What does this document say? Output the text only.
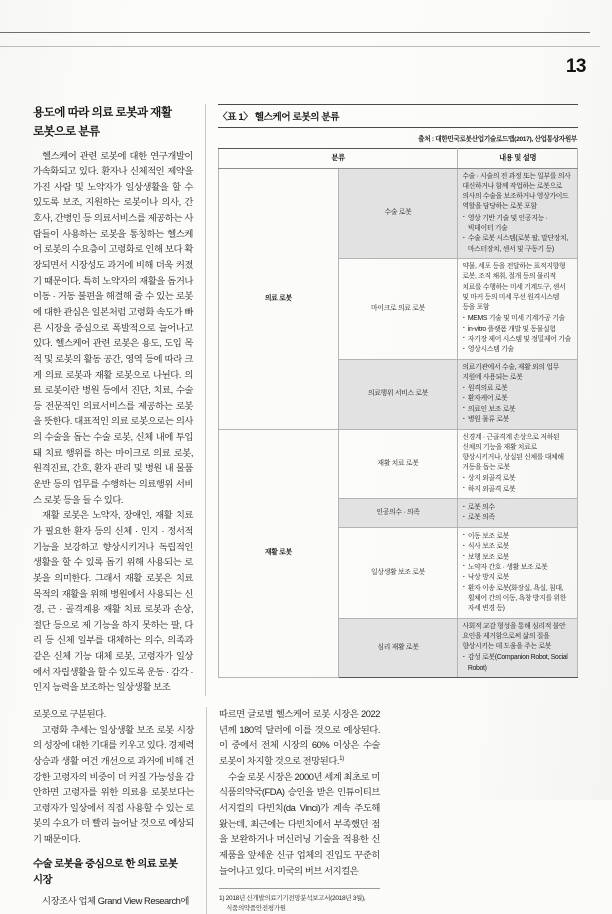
13
용도에 따라 의료 로봇과 재활 로봇으로 분류

헬스케어 관련 로봇에 대한 연구개발이 가속화되고 있다. 환자나 신체적인 제약을 가진 사람 및 노약자가 일상생활을 할 수 있도록 보조, 지원하는 로봇이나 의사, 간호사, 간병인 등 의료서비스를 제공하는 사람들이 사용하는 로봇을 통칭하는 헬스케어 로봇의 수요층이 고령화로 인해 보다 확장되면서 시장성도 과거에 비해 더욱 커졌기 때문이다. 특히 노약자의 재활을 돕거나 이동 · 거동 불편을 해결해 줄 수 있는 로봇에 대한 관심은 일본처럼 고령화 속도가 빠른 시장을 중심으로 폭발적으로 늘어나고 있다. 헬스케어 관련 로봇은 용도, 도입 목적 및 로봇의 활동 공간, 영역 등에 따라 크게 의료 로봇과 재활 로봇으로 나뉜다. 의료 로봇이란 병원 등에서 진단, 치료, 수술 등 전문적인 의료서비스를 제공하는 로봇을 뜻한다. 대표적인 의료 로봇으로는 의사의 수술을 돕는 수술 로봇, 신체 내에 투입돼 치료 행위를 하는 마이크로 의료 로봇, 원격진료, 간호, 환자 관리 및 병원 내 물품 운반 등의 업무를 수행하는 의료행위 서비스 로봇 등을 들 수 있다.

재활 로봇은 노약자, 장애인, 재활 치료가 필요한 환자 등의 신체 · 인지 · 정서적 기능을 보강하고 향상시키거나 독립적인 생활을 할 수 있록 돕기 위해 사용되는 로봇을 의미한다. 그래서 재활 로봇은 치료 목적의 재활을 위해 병원에서 사용되는 신경, 근 · 골격계용 재활 치료 로봇과 손상, 절단 등으로 제 기능을 하지 못하는 팔, 다리 등 신체 일부를 대체하는 의수, 의족과 같은 신체 기능 대체 로봇, 고령자가 일상에서 자립생활을 할 수 있도록 운동 · 감각 · 인지 능력을 보조하는 일상생활 보조

〈표 1〉 헬스케어 로봇의 분류
출처 : 대한민국로봇산업기술로드맵(2017), 산업통상자원부
분류		내용 및 설명
의료 로봇	수술 로봇	
수술 · 시술의 전 과정 또는 일부를 의사 대신하거나 함께 작업하는 로봇으로 의사의 수술을 보조하거나 영상가이드 역할을 담당하는 로봇 포함
· 영상 기반 기술 및 인공지능 · 빅데이터 기술
· 수술 로봇 시스템(로봇 팔, 말단장치, 마스터장치, 센서 및 구동기 등)

마이크로 의료 로봇	
약물, 세포 등을 전달하는 표적지향형 로봇, 조직 채취, 절개 등의 물리적 치료를 수행하는 미세 기계도구, 센서 및 마커 등의 미세 무선 원격시스템 등을 포함
· MEMS 기술 및 미세 기계가공 기술
· in-vitro 플랫폼 개발 및 동물실험
· 자기장 제어 시스템 및 정밀제어 기술
· 영상시스템 기술

의료행위 서비스 로봇	
의료기관에서 수술, 재활 외의 업무 지원에 사용되는 로봇
· 원격의료 로봇
· 환자케어 로봇
· 의료인 보조 로봇
· 병원 물류 로봇

재활 로봇	재활 치료 로봇	
신경계 · 근골격계 손상으로 저하된 신체의 기능을 재활 치료로 향상시키거나, 상실된 신체를 대체해 거동을 돕는 로봇
· 상지 외골격 로봇
· 하지 외골격 로봇

인공의수 · 의족	
· 로봇 의수
· 로봇 의족

일상생활 보조 로봇	
· 이동 보조 로봇
· 식사 보조 로봇
· 보행 보조 로봇
· 노약자 간호 · 생활 보조 로봇
· 낙상 방지 로봇
· 환자 이송 로봇(화장실, 욕실, 침대, 휠체어 간의 이동, 욕창 방지를 위한 자세 변경 등)

심리 재활 로봇	
사회적 교감 형성을 통해 심리적 불안 요인을 제거함으로써 삶의 질을 향상시키는 데 도움을 주는 로봇
· 감성 로봇(Companion Robot, Social Robot)

로봇으로 구분된다.

고령화 추세는 일상생활 보조 로봇 시장의 성장에 대한 기대를 키우고 있다. 경제력 상승과 생활 여건 개선으로 과거에 비해 건강한 고령자의 비중이 더 커질 가능성을 감안하면 고령자를 위한 의료용 로봇보다는 고령자가 일상에서 직접 사용할 수 있는 로봇의 수요가 더 빨리 늘어날 것으로 예상되기 때문이다.

수술 로봇을 중심으로 한 의료 로봇 시장

시장조사 업체 Grand View Research에

따르면 글로벌 헬스케어 로봇 시장은 2022년께 180억 달러에 이를 것으로 예상된다. 이 중에서 전체 시장의 60% 이상은 수술 로봇이 차지할 것으로 전망된다.$^{1)}$

수술 로봇 시장은 2000년 세계 최초로 미식품의약국(FDA) 승인을 받은 인튜이티브 서지컬의 다빈치(da Vinci)가 계속 주도해 왔는데, 최근에는 다빈치에서 부족했던 점을 보완하거나 머신러닝 기술을 적용한 신제품을 앞세운 신규 업체의 진입도 꾸준히 늘어나고 있다. 미국의 버브 서지컬은

1) 2018년 신개발의료기기전망분석보고서(2018년 3월),
식품의약품안전평가원
